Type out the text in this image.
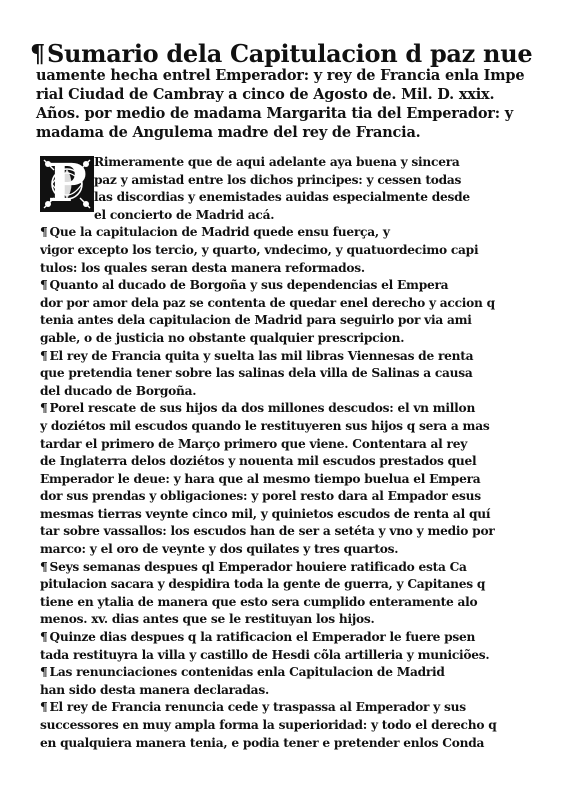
¶Sumario dela Capitulacion d paz nue
uamente hecha entrel Emperador: y rey de Francia enla Impe
rial Ciudad de Cambray a cinco de Agosto de. Mil. D. xxix.
Años. por medio de madama Margarita tia del Emperador: y
madama de Angulema madre del rey de Francia.
P Rimeramente que de aqui adelante aya buena y sincera
paz y amistad entre los dichos principes: y cessen todas
las discordias y enemistades auidas especialmente desde
el concierto de Madrid acá.
¶ Que la capitulacion de Madrid quede ensu fuerça, y
vigor excepto los tercio, y quarto, vndecimo, y quatuordecimo capi
tulos: los quales seran desta manera reformados.
¶ Quanto al ducado de Borgoña y sus dependencias el Empera
dor por amor dela paz se contenta de quedar enel derecho y accion q
tenia antes dela capitulacion de Madrid para seguirlo por via ami
gable, o de justicia no obstante qualquier prescripcion.
¶ El rey de Francia quita y suelta las mil libras Viennesas de renta
que pretendia tener sobre las salinas dela villa de Salinas a causa
del ducado de Borgoña.
¶ Porel rescate de sus hijos da dos millones descudos: el vn millon
y doziétos mil escudos quando le restituyeren sus hijos q sera a mas
tardar el primero de Março primero que viene. Contentara al rey
de Inglaterra delos doziétos y nouenta mil escudos prestados quel
Emperador le deue: y hara que al mesmo tiempo buelua el Empera
dor sus prendas y obligaciones: y porel resto dara al Empador esus
mesmas tierras veynte cinco mil, y quinietos escudos de renta al quí
tar sobre vassallos: los escudos han de ser a setéta y vno y medio por
marco: y el oro de veynte y dos quilates y tres quartos.
¶ Seys semanas despues ql Emperador houiere ratificado esta Ca
pitulacion sacara y despidira toda la gente de guerra, y Capitanes q
tiene en ytalia de manera que esto sera cumplido enteramente alo
menos. xv. dias antes que se le restituyan los hijos.
¶ Quinze dias despues q la ratificacion el Emperador le fuere psen
tada restituyra la villa y castillo de Hesdi cõla artilleria y municiões.
¶ Las renunciaciones contenidas enla Capitulacion de Madrid
han sido desta manera declaradas.
¶ El rey de Francia renuncia cede y traspassa al Emperador y sus
successores en muy ampla forma la superioridad: y todo el derecho q
en qualquiera manera tenia, e podia tener e pretender enlos Conda
